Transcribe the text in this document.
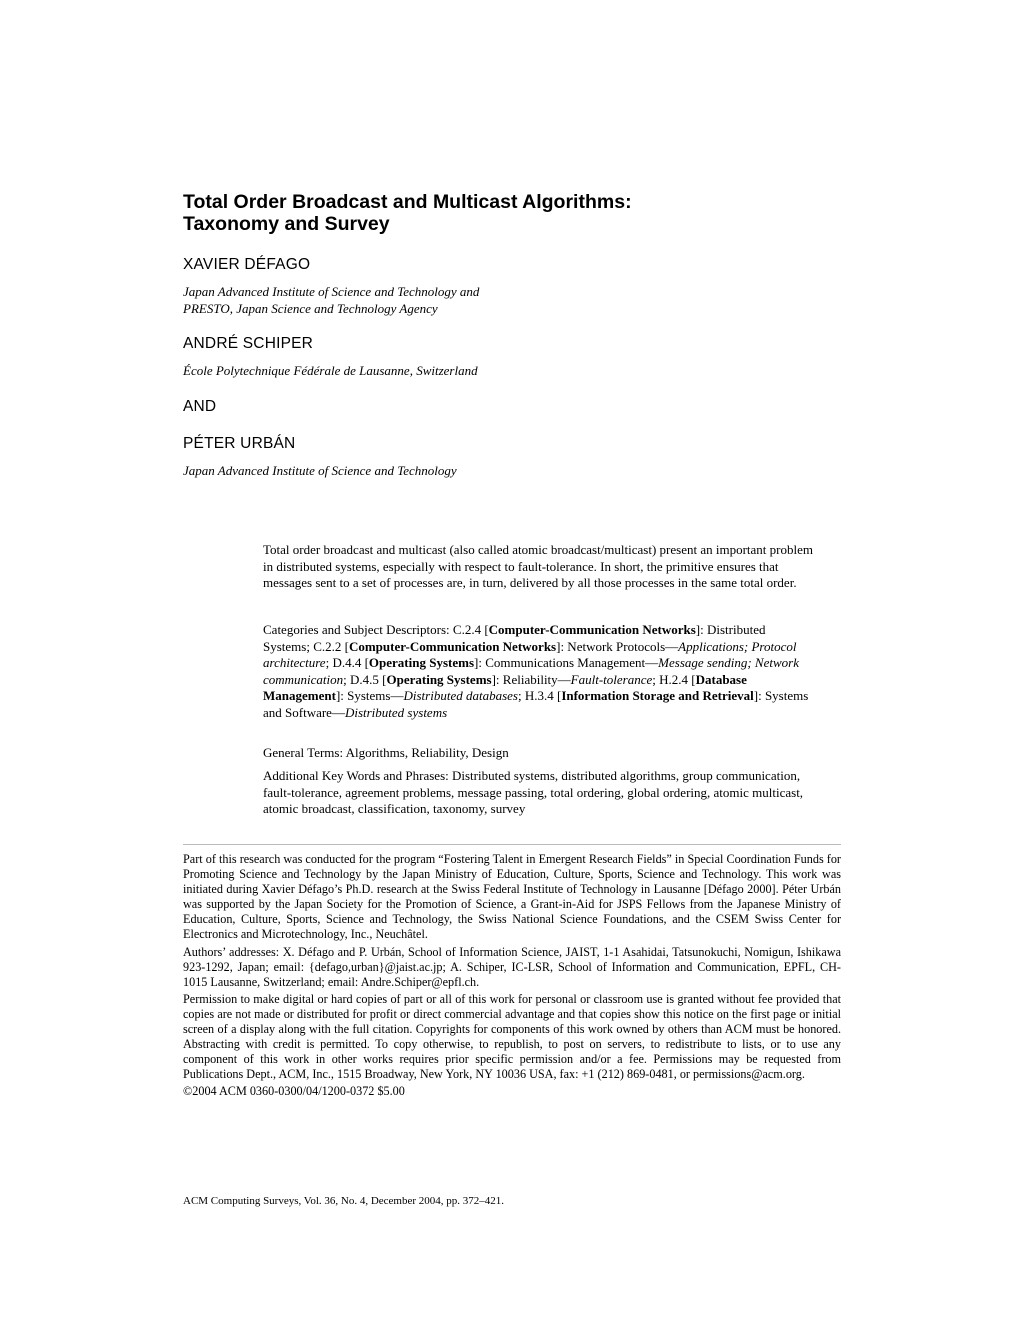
Total Order Broadcast and Multicast Algorithms:
Taxonomy and Survey
XAVIER DÉFAGO
Japan Advanced Institute of Science and Technology and
PRESTO, Japan Science and Technology Agency
ANDRÉ SCHIPER
École Polytechnique Fédérale de Lausanne, Switzerland
AND
PÉTER URBÁN
Japan Advanced Institute of Science and Technology

Total order broadcast and multicast (also called atomic broadcast/multicast) present an important problem in distributed systems, especially with respect to fault-tolerance. In short, the primitive ensures that messages sent to a set of processes are, in turn, delivered by all those processes in the same total order.

Categories and Subject Descriptors: C.2.4 [Computer-Communication Networks]: Distributed Systems; C.2.2 [Computer-Communication Networks]: Network Protocols—Applications; Protocol architecture; D.4.4 [Operating Systems]: Communications Management—Message sending; Network communication; D.4.5 [Operating Systems]: Reliability—Fault-tolerance; H.2.4 [Database Management]: Systems—Distributed databases; H.3.4 [Information Storage and Retrieval]: Systems and Software—Distributed systems

General Terms: Algorithms, Reliability, Design

Additional Key Words and Phrases: Distributed systems, distributed algorithms, group communication, fault-tolerance, agreement problems, message passing, total ordering, global ordering, atomic multicast, atomic broadcast, classification, taxonomy, survey

Part of this research was conducted for the program “Fostering Talent in Emergent Research Fields” in Special Coordination Funds for Promoting Science and Technology by the Japan Ministry of Education, Culture, Sports, Science and Technology. This work was initiated during Xavier Défago’s Ph.D. research at the Swiss Federal Institute of Technology in Lausanne [Défago 2000]. Péter Urbán was supported by the Japan Society for the Promotion of Science, a Grant-in-Aid for JSPS Fellows from the Japanese Ministry of Education, Culture, Sports, Science and Technology, the Swiss National Science Foundations, and the CSEM Swiss Center for Electronics and Microtechnology, Inc., Neuchâtel.

Authors’ addresses: X. Défago and P. Urbán, School of Information Science, JAIST, 1-1 Asahidai, Tatsunokuchi, Nomigun, Ishikawa 923-1292, Japan; email: {defago,urban}@jaist.ac.jp; A. Schiper, IC-LSR, School of Information and Communication, EPFL, CH-1015 Lausanne, Switzerland; email: Andre.Schiper@epfl.ch.

Permission to make digital or hard copies of part or all of this work for personal or classroom use is granted without fee provided that copies are not made or distributed for profit or direct commercial advantage and that copies show this notice on the first page or initial screen of a display along with the full citation. Copyrights for components of this work owned by others than ACM must be honored. Abstracting with credit is permitted. To copy otherwise, to republish, to post on servers, to redistribute to lists, or to use any component of this work in other works requires prior specific permission and/or a fee. Permissions may be requested from Publications Dept., ACM, Inc., 1515 Broadway, New York, NY 10036 USA, fax: +1 (212) 869-0481, or permissions@acm.org.

©2004 ACM 0360-0300/04/1200-0372 $5.00

ACM Computing Surveys, Vol. 36, No. 4, December 2004, pp. 372–421.
